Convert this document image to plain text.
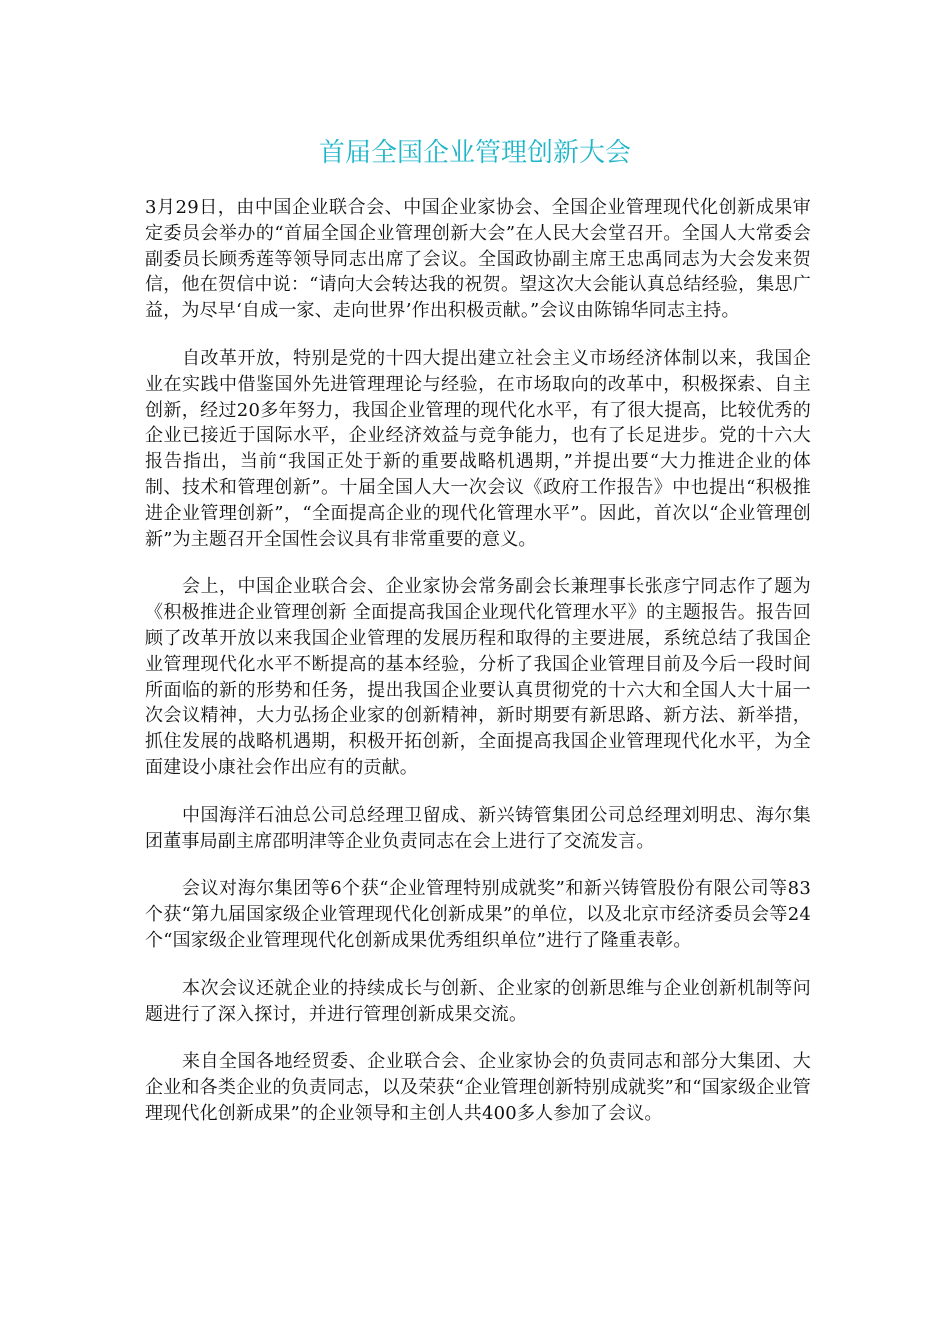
首届全国企业管理创新大会

3月29日，由中国企业联合会、中国企业家协会、全国企业管理现代化创新成果审定委员会举办的“首届全国企业管理创新大会”在人民大会堂召开。全国人大常委会副委员长顾秀莲等领导同志出席了会议。全国政协副主席王忠禹同志为大会发来贺信，他在贺信中说：“请向大会转达我的祝贺。望这次大会能认真总结经验，集思广益，为尽早‘自成一家、走向世界’作出积极贡献。”会议由陈锦华同志主持。

自改革开放，特别是党的十四大提出建立社会主义市场经济体制以来，我国企业在实践中借鉴国外先进管理理论与经验，在市场取向的改革中，积极探索、自主创新，经过20多年努力，我国企业管理的现代化水平，有了很大提高，比较优秀的企业已接近于国际水平，企业经济效益与竞争能力，也有了长足进步。党的十六大报告指出，当前“我国正处于新的重要战略机遇期，”并提出要“大力推进企业的体制、技术和管理创新”。十届全国人大一次会议《政府工作报告》中也提出“积极推进企业管理创新”，“全面提高企业的现代化管理水平”。因此，首次以“企业管理创新”为主题召开全国性会议具有非常重要的意义。

会上，中国企业联合会、企业家协会常务副会长兼理事长张彦宁同志作了题为《积极推进企业管理创新 全面提高我国企业现代化管理水平》的主题报告。报告回顾了改革开放以来我国企业管理的发展历程和取得的主要进展，系统总结了我国企业管理现代化水平不断提高的基本经验，分析了我国企业管理目前及今后一段时间所面临的新的形势和任务，提出我国企业要认真贯彻党的十六大和全国人大十届一次会议精神，大力弘扬企业家的创新精神，新时期要有新思路、新方法、新举措，抓住发展的战略机遇期，积极开拓创新，全面提高我国企业管理现代化水平，为全面建设小康社会作出应有的贡献。

中国海洋石油总公司总经理卫留成、新兴铸管集团公司总经理刘明忠、海尔集团董事局副主席邵明津等企业负责同志在会上进行了交流发言。

会议对海尔集团等6个获“企业管理特别成就奖”和新兴铸管股份有限公司等83个获“第九届国家级企业管理现代化创新成果”的单位，以及北京市经济委员会等24个“国家级企业管理现代化创新成果优秀组织单位”进行了隆重表彰。

本次会议还就企业的持续成长与创新、企业家的创新思维与企业创新机制等问题进行了深入探讨，并进行管理创新成果交流。

来自全国各地经贸委、企业联合会、企业家协会的负责同志和部分大集团、大企业和各类企业的负责同志，以及荣获“企业管理创新特别成就奖”和“国家级企业管理现代化创新成果”的企业领导和主创人共400多人参加了会议。
